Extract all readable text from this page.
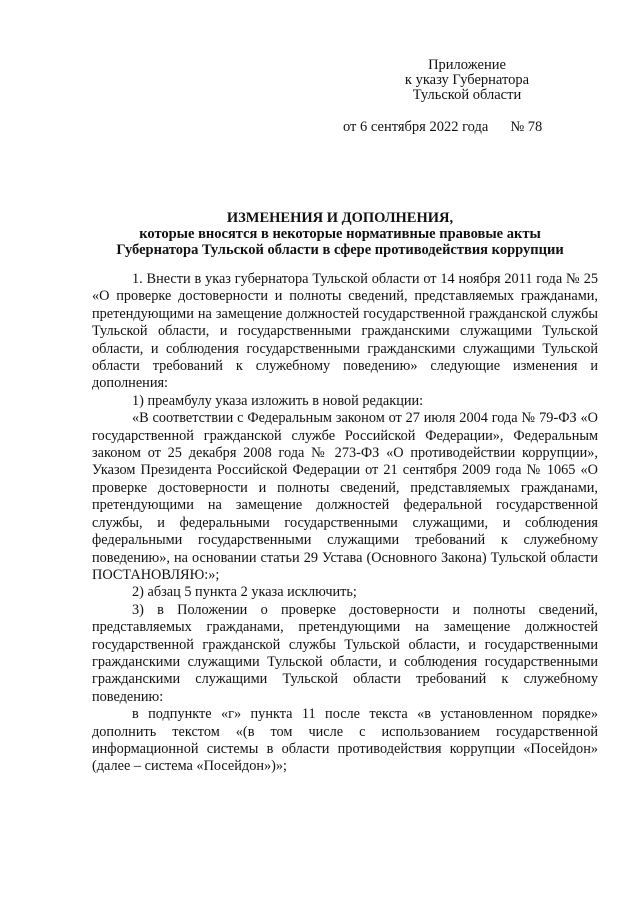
Приложение
к указу Губернатора
Тульской области
от 6 сентября 2022 года № 78
ИЗМЕНЕНИЯ И ДОПОЛНЕНИЯ,
которые вносятся в некоторые нормативные правовые акты
Губернатора Тульской области в сфере противодействия коррупции

1. Внести в указ губернатора Тульской области от 14 ноября 2011 года № 25 «О проверке достоверности и полноты сведений, представляемых гражданами, претендующими на замещение должностей государственной гражданской службы Тульской области, и государственными гражданскими служащими Тульской области, и соблюдения государственными гражданскими служащими Тульской области требований к служебному поведению» следующие изменения и дополнения:

1) преамбулу указа изложить в новой редакции:

«В соответствии с Федеральным законом от 27 июля 2004 года № 79-ФЗ «О государственной гражданской службе Российской Федерации», Федеральным законом от 25 декабря 2008 года № 273-ФЗ «О противодействии коррупции», Указом Президента Российской Федерации от 21 сентября 2009 года № 1065 «О проверке достоверности и полноты сведений, представляемых гражданами, претендующими на замещение должностей федеральной государственной службы, и федеральными государственными служащими, и соблюдения федеральными государственными служащими требований к служебному поведению», на основании статьи 29 Устава (Основного Закона) Тульской области ПОСТАНОВЛЯЮ:»;

2) абзац 5 пункта 2 указа исключить;

3) в Положении о проверке достоверности и полноты сведений, представляемых гражданами, претендующими на замещение должностей государственной гражданской службы Тульской области, и государственными гражданскими служащими Тульской области, и соблюдения государственными гражданскими служащими Тульской области требований к служебному поведению:

в подпункте «г» пункта 11 после текста «в установленном порядке» дополнить текстом «(в том числе с использованием государственной информационной системы в области противодействия коррупции «Посейдон» (далее – система «Посейдон»)»;
